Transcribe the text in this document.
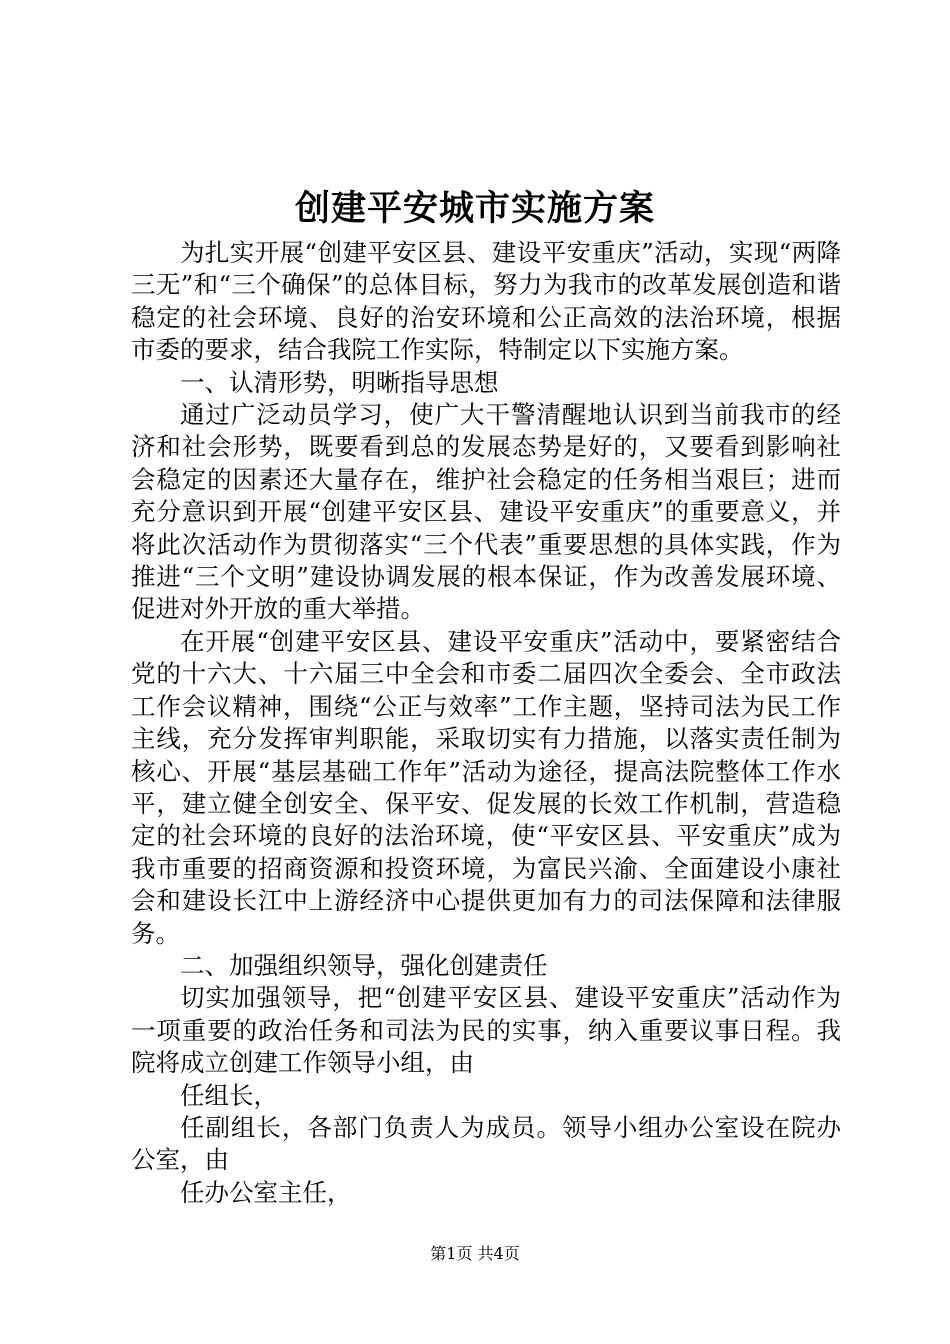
创建平安城市实施方案

为扎实开展“创建平安区县、建设平安重庆”活动，实现“两降三无”和“三个确保”的总体目标，努力为我市的改革发展创造和谐稳定的社会环境、良好的治安环境和公正高效的法治环境，根据市委的要求，结合我院工作实际，特制定以下实施方案。

一、认清形势，明晰指导思想

通过广泛动员学习，使广大干警清醒地认识到当前我市的经济和社会形势，既要看到总的发展态势是好的，又要看到影响社会稳定的因素还大量存在，维护社会稳定的任务相当艰巨；进而充分意识到开展“创建平安区县、建设平安重庆”的重要意义，并将此次活动作为贯彻落实“三个代表”重要思想的具体实践，作为推进“三个文明”建设协调发展的根本保证，作为改善发展环境、促进对外开放的重大举措。

在开展“创建平安区县、建设平安重庆”活动中，要紧密结合党的十六大、十六届三中全会和市委二届四次全委会、全市政法工作会议精神，围绕“公正与效率”工作主题，坚持司法为民工作主线，充分发挥审判职能，采取切实有力措施，以落实责任制为核心、开展“基层基础工作年”活动为途径，提高法院整体工作水平，建立健全创安全、保平安、促发展的长效工作机制，营造稳定的社会环境的良好的法治环境，使“平安区县、平安重庆”成为我市重要的招商资源和投资环境，为富民兴渝、全面建设小康社会和建设长江中上游经济中心提供更加有力的司法保障和法律服务。

二、加强组织领导，强化创建责任

切实加强领导，把“创建平安区县、建设平安重庆”活动作为一项重要的政治任务和司法为民的实事，纳入重要议事日程。我院将成立创建工作领导小组，由

任组长，

任副组长，各部门负责人为成员。领导小组办公室设在院办公室，由

任办公室主任，

第1页 共4页
